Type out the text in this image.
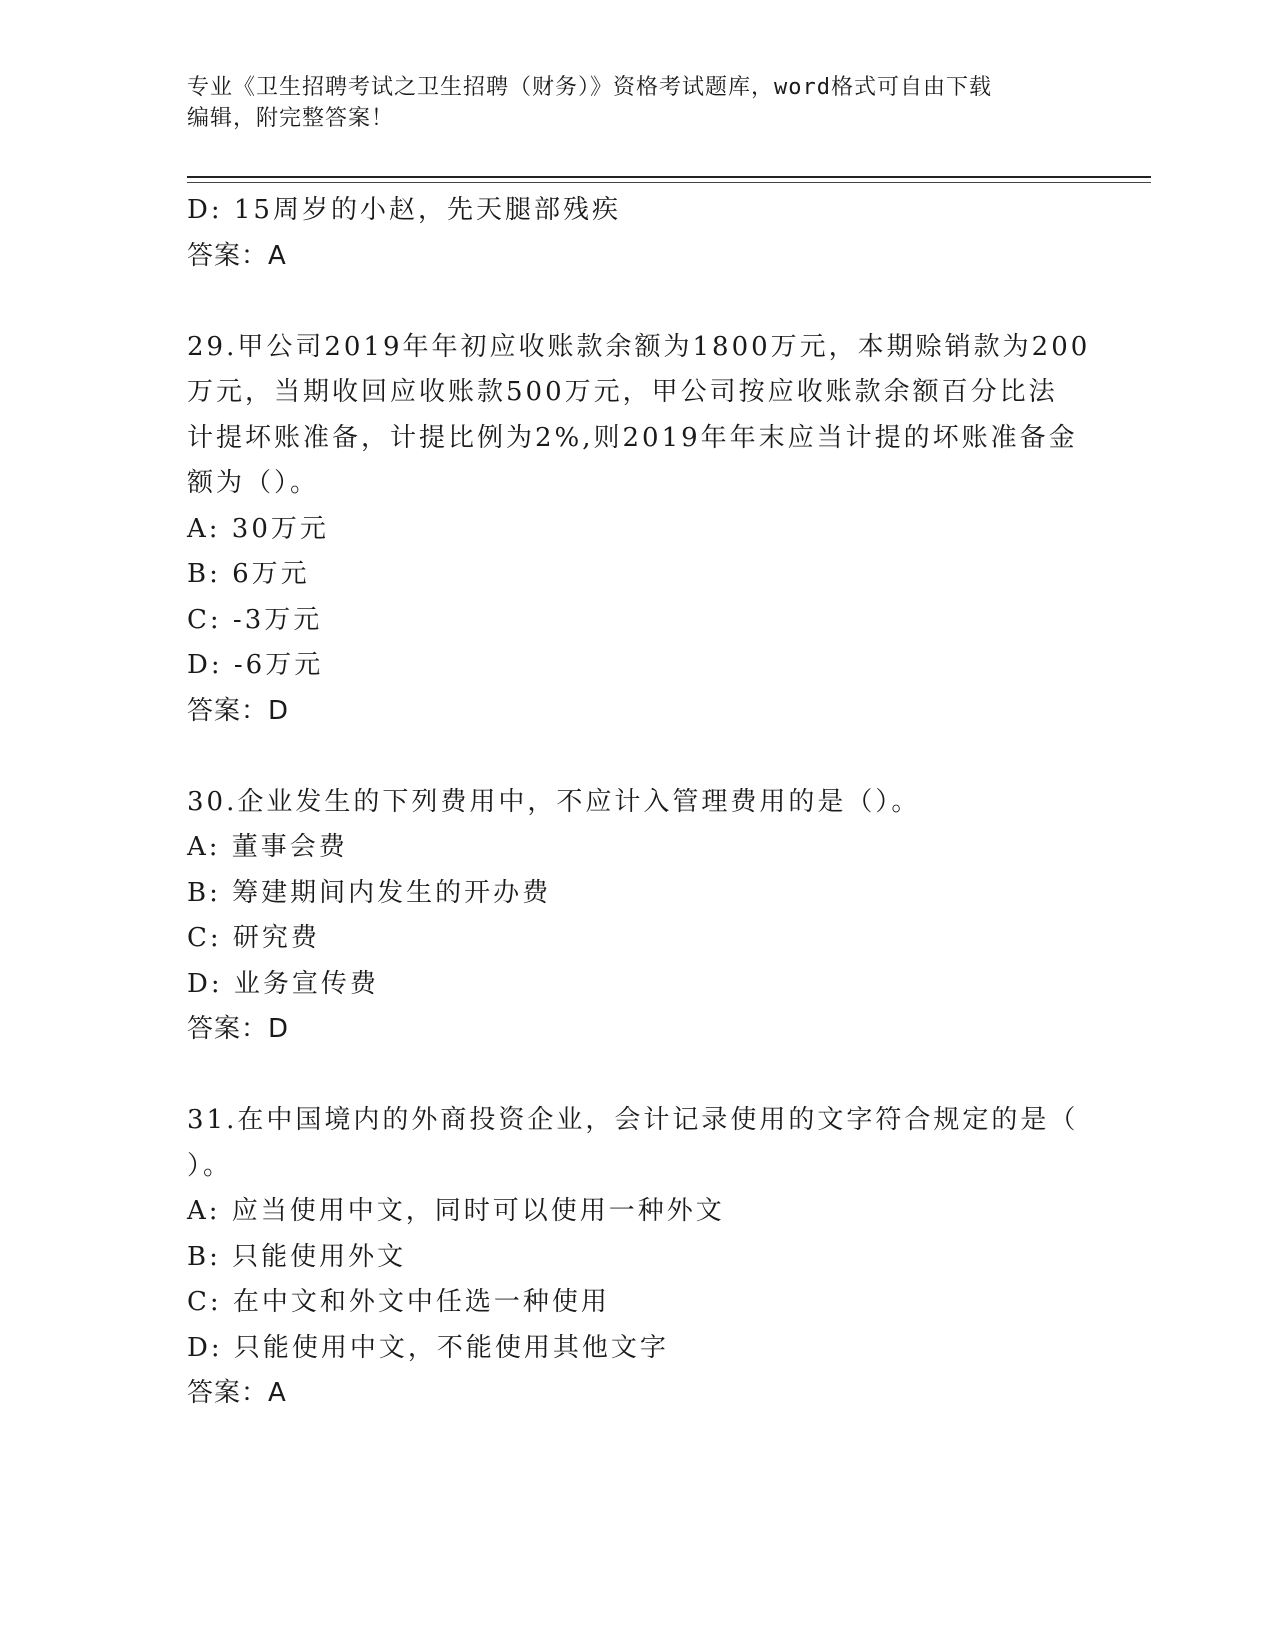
专业《卫生招聘考试之卫生招聘（财务）》资格考试题库，word格式可自由下载
编辑，附完整答案！
D: 15周岁的小赵，先天腿部残疾
答案：A
29.甲公司2019年年初应收账款余额为1800万元，本期赊销款为200
万元，当期收回应收账款500万元，甲公司按应收账款余额百分比法
计提坏账准备，计提比例为2%,则2019年年末应当计提的坏账准备金
额为（）。
A: 30万元
B: 6万元
C: -3万元
D: -6万元
答案：D
30.企业发生的下列费用中，不应计入管理费用的是（）。
A: 董事会费
B: 筹建期间内发生的开办费
C: 研究费
D: 业务宣传费
答案：D
31.在中国境内的外商投资企业，会计记录使用的文字符合规定的是（
）。
A: 应当使用中文，同时可以使用一种外文
B: 只能使用外文
C: 在中文和外文中任选一种使用
D: 只能使用中文，不能使用其他文字
答案：A
